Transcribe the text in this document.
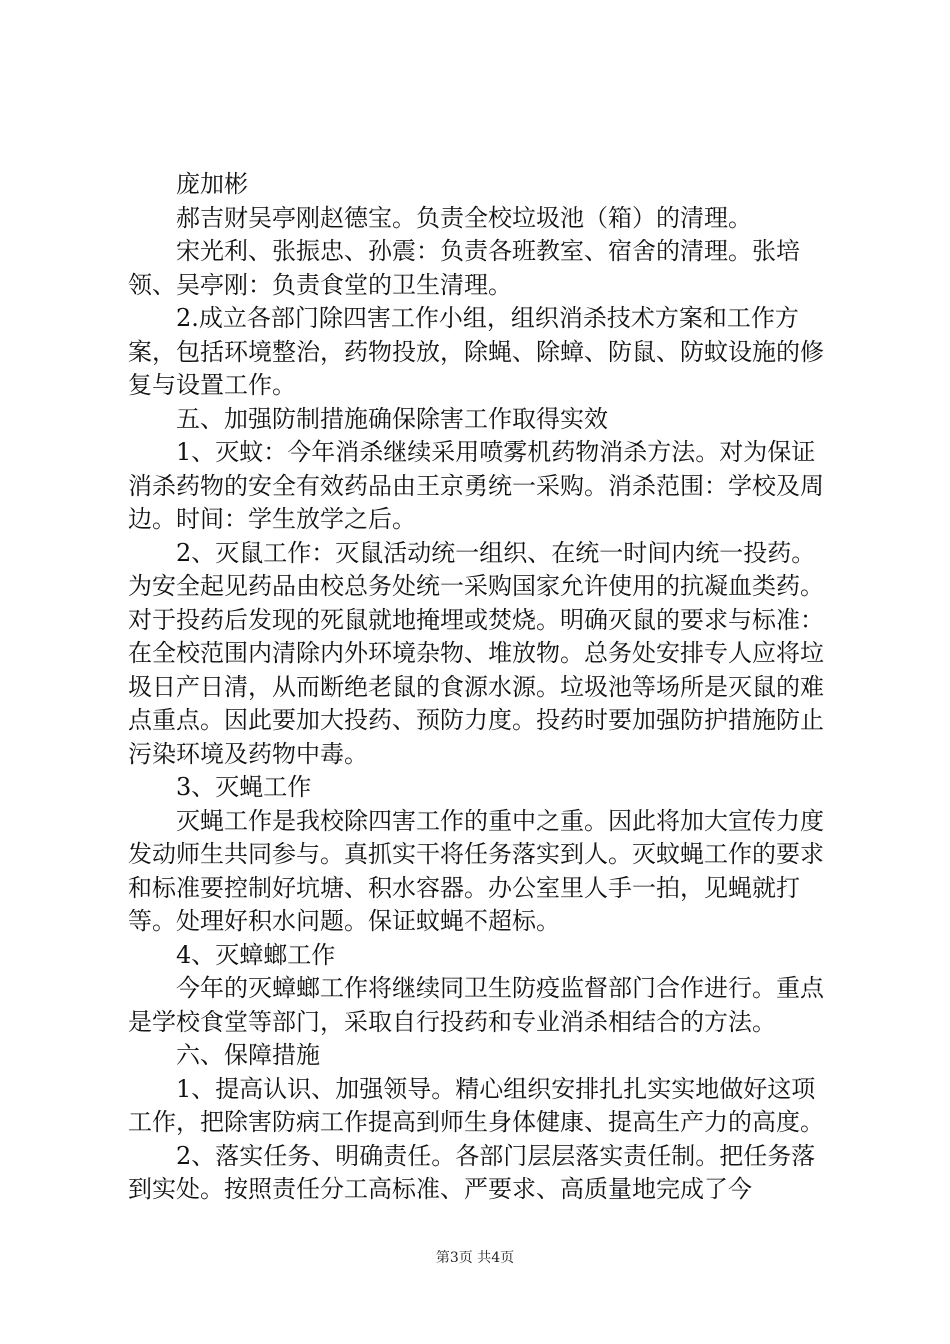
庞加彬

郝吉财吴亭刚赵德宝。负责全校垃圾池（箱）的清理。

宋光利、张振忠、孙震：负责各班教室、宿舍的清理。张培领、吴亭刚：负责食堂的卫生清理。

2.成立各部门除四害工作小组，组织消杀技术方案和工作方案，包括环境整治，药物投放，除蝇、除蟑、防鼠、防蚊设施的修复与设置工作。

五、加强防制措施确保除害工作取得实效

1、灭蚊：今年消杀继续采用喷雾机药物消杀方法。对为保证消杀药物的安全有效药品由王京勇统一采购。消杀范围：学校及周边。时间：学生放学之后。

2、灭鼠工作：灭鼠活动统一组织、在统一时间内统一投药。为安全起见药品由校总务处统一采购国家允许使用的抗凝血类药。对于投药后发现的死鼠就地掩埋或焚烧。明确灭鼠的要求与标准：在全校范围内清除内外环境杂物、堆放物。总务处安排专人应将垃圾日产日清，从而断绝老鼠的食源水源。垃圾池等场所是灭鼠的难点重点。因此要加大投药、预防力度。投药时要加强防护措施防止污染环境及药物中毒。

3、灭蝇工作

灭蝇工作是我校除四害工作的重中之重。因此将加大宣传力度发动师生共同参与。真抓实干将任务落实到人。灭蚊蝇工作的要求和标准要控制好坑塘、积水容器。办公室里人手一拍，见蝇就打等。处理好积水问题。保证蚊蝇不超标。

4、灭蟑螂工作

今年的灭蟑螂工作将继续同卫生防疫监督部门合作进行。重点是学校食堂等部门，采取自行投药和专业消杀相结合的方法。

六、保障措施

1、提高认识、加强领导。精心组织安排扎扎实实地做好这项工作，把除害防病工作提高到师生身体健康、提高生产力的高度。

2、落实任务、明确责任。各部门层层落实责任制。把任务落到实处。按照责任分工高标准、严要求、高质量地完成了今

第3页 共4页
